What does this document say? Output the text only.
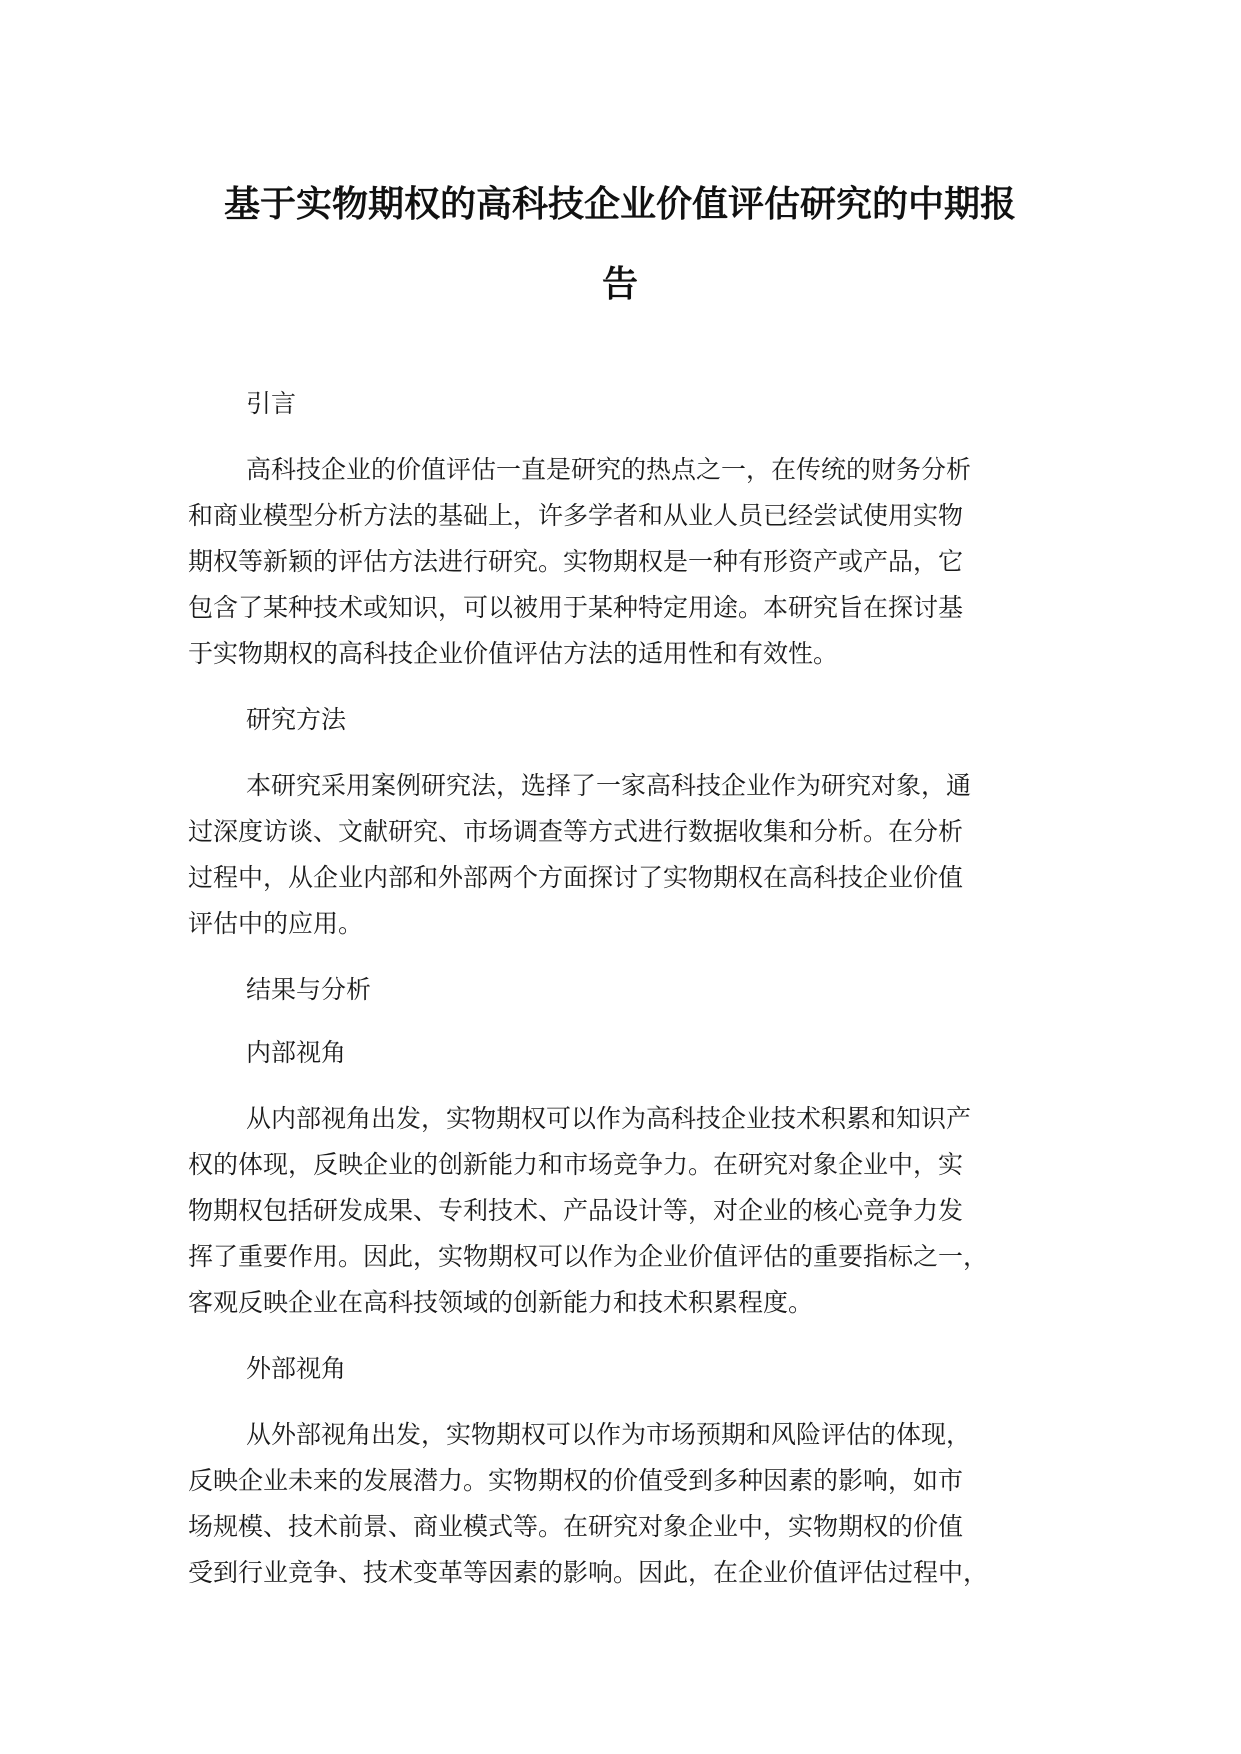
基于实物期权的高科技企业价值评估研究的中期报
告
引言
高科技企业的价值评估一直是研究的热点之一，在传统的财务分析
和商业模型分析方法的基础上，许多学者和从业人员已经尝试使用实物
期权等新颖的评估方法进行研究。实物期权是一种有形资产或产品，它
包含了某种技术或知识，可以被用于某种特定用途。本研究旨在探讨基
于实物期权的高科技企业价值评估方法的适用性和有效性。
研究方法
本研究采用案例研究法，选择了一家高科技企业作为研究对象，通
过深度访谈、文献研究、市场调查等方式进行数据收集和分析。在分析
过程中，从企业内部和外部两个方面探讨了实物期权在高科技企业价值
评估中的应用。
结果与分析
内部视角
从内部视角出发，实物期权可以作为高科技企业技术积累和知识产
权的体现，反映企业的创新能力和市场竞争力。在研究对象企业中，实
物期权包括研发成果、专利技术、产品设计等，对企业的核心竞争力发
挥了重要作用。因此，实物期权可以作为企业价值评估的重要指标之一，
客观反映企业在高科技领域的创新能力和技术积累程度。
外部视角
从外部视角出发，实物期权可以作为市场预期和风险评估的体现，
反映企业未来的发展潜力。实物期权的价值受到多种因素的影响，如市
场规模、技术前景、商业模式等。在研究对象企业中，实物期权的价值
受到行业竞争、技术变革等因素的影响。因此，在企业价值评估过程中，
